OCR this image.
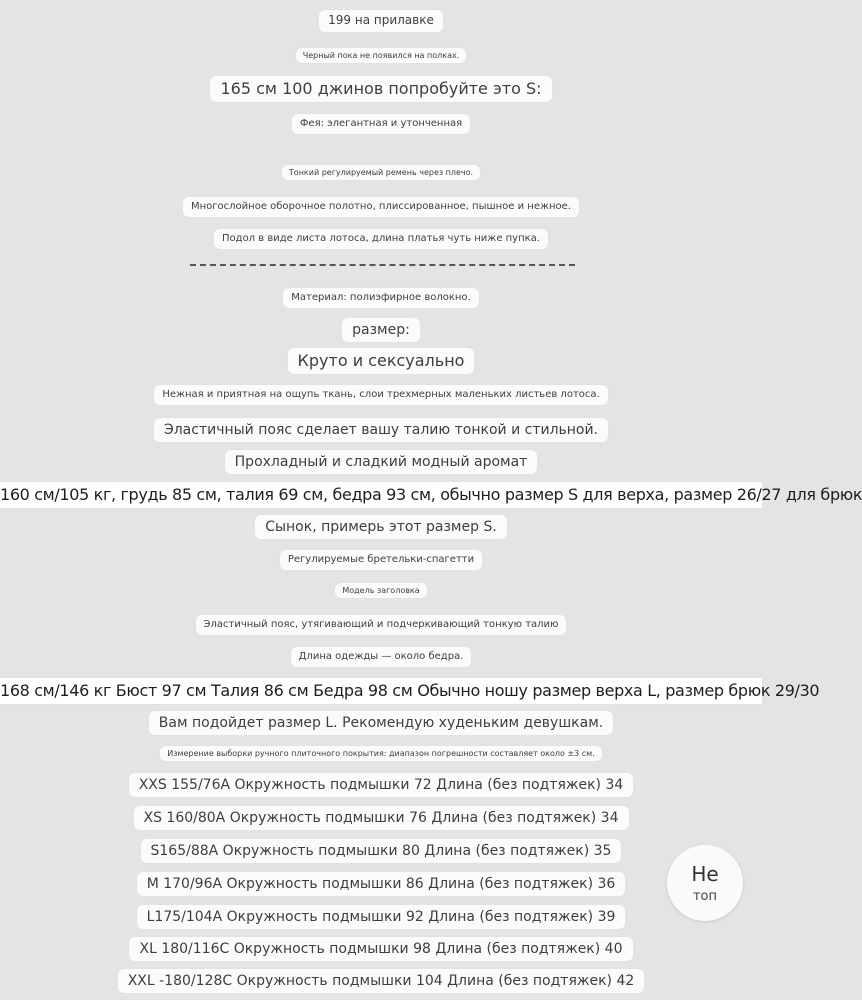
199 на прилавке
Черный пока не появился на полках.
165 см 100 джинов попробуйте это S:
Фея: элегантная и утонченная
Тонкий регулируемый ремень через плечо.
Многослойное оборочное полотно, плиссированное, пышное и нежное.
Подол в виде листа лотоса, длина платья чуть ниже пупка.
Материал: полиэфирное волокно.
размер:
Круто и сексуально
Нежная и приятная на ощупь ткань, слои трехмерных маленьких листьев лотоса.
Эластичный пояс сделает вашу талию тонкой и стильной.
Прохладный и сладкий модный аромат
160 см/105 кг, грудь 85 см, талия 69 см, бедра 93 см, обычно размер S для верха, размер 26/27 для брюк
Сынок, примерь этот размер S.
Регулируемые бретельки-спагетти
Модель заголовка
Эластичный пояс, утягивающий и подчеркивающий тонкую талию
Длина одежды — около бедра.
168 см/146 кг Бюст 97 см Талия 86 см Бедра 98 см Обычно ношу размер верха L, размер брюк 29/30
Вам подойдет размер L. Рекомендую худеньким девушкам.
Измерение выборки ручного плиточного покрытия: диапазон погрешности составляет около ±3 см.
XXS 155/76A Окружность подмышки 72 Длина (без подтяжек) 34
XS 160/80A Окружность подмышки 76 Длина (без подтяжек) 34
S165/88A Окружность подмышки 80 Длина (без подтяжек) 35
M 170/96A Окружность подмышки 86 Длина (без подтяжек) 36
L175/104A Окружность подмышки 92 Длина (без подтяжек) 39
XL 180/116C Окружность подмышки 98 Длина (без подтяжек) 40
XXL -180/128C Окружность подмышки 104 Длина (без подтяжек) 42
Не
топ
